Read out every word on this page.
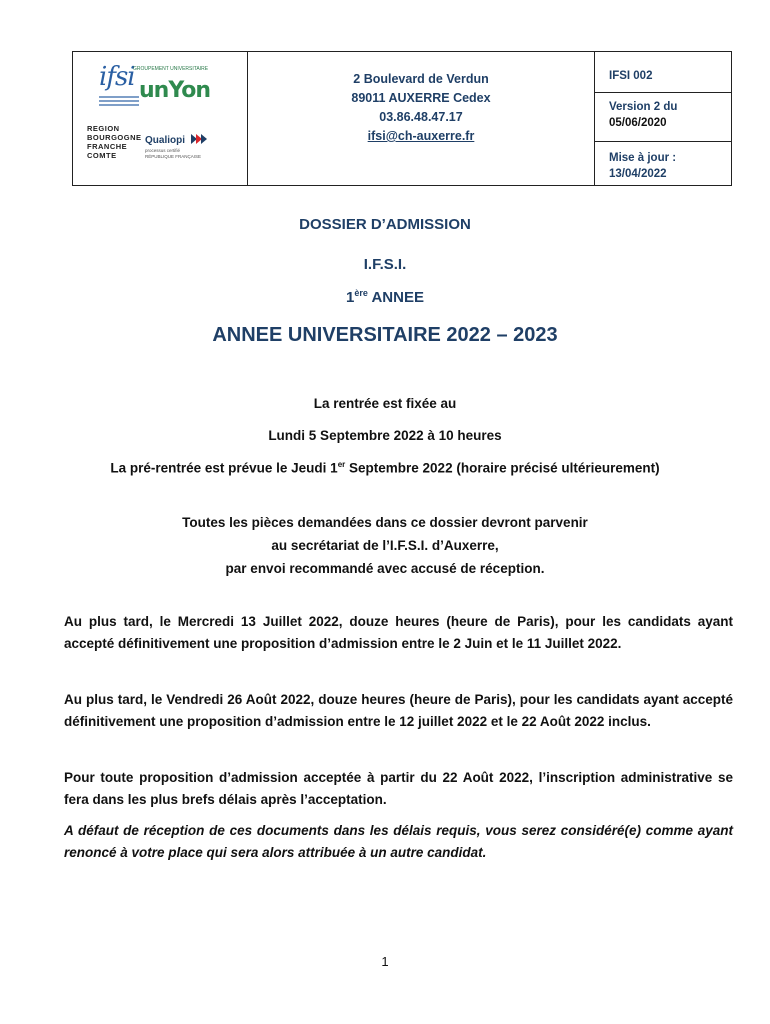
ifsi
GROUPEMENT UNIVERSITAIRE
unYon
REGION
BOURGOGNE
FRANCHE
COMTE
Qualiopi
processus certifié
RÉPUBLIQUE FRANÇAISE
2 Boulevard de Verdun
89011 AUXERRE Cedex
03.86.48.47.17
ifsi@ch-auxerre.fr
IFSI 002
Version 2 du
05/06/2020
Mise à jour :
13/04/2022
DOSSIER D’ADMISSION
I.F.S.I.
1ère ANNEE
ANNEE UNIVERSITAIRE 2022 – 2023
La rentrée est fixée au
Lundi 5 Septembre 2022 à 10 heures
La pré-rentrée est prévue le Jeudi 1er Septembre 2022 (horaire précisé ultérieurement)
Toutes les pièces demandées dans ce dossier devront parvenir
au secrétariat de l’I.F.S.I. d’Auxerre,
par envoi recommandé avec accusé de réception.
Au plus tard, le Mercredi 13 Juillet 2022, douze heures (heure de Paris), pour les candidats ayant accepté définitivement une proposition d’admission entre le 2 Juin et le 11 Juillet 2022.
Au plus tard, le Vendredi 26 Août 2022, douze heures (heure de Paris), pour les candidats ayant accepté définitivement une proposition d’admission entre le 12 juillet 2022 et le 22 Août 2022 inclus.
Pour toute proposition d’admission acceptée à partir du 22 Août 2022, l’inscription administrative se fera dans les plus brefs délais après l’acceptation.
A défaut de réception de ces documents dans les délais requis, vous serez considéré(e) comme ayant renoncé à votre place qui sera alors attribuée à un autre candidat.
1
